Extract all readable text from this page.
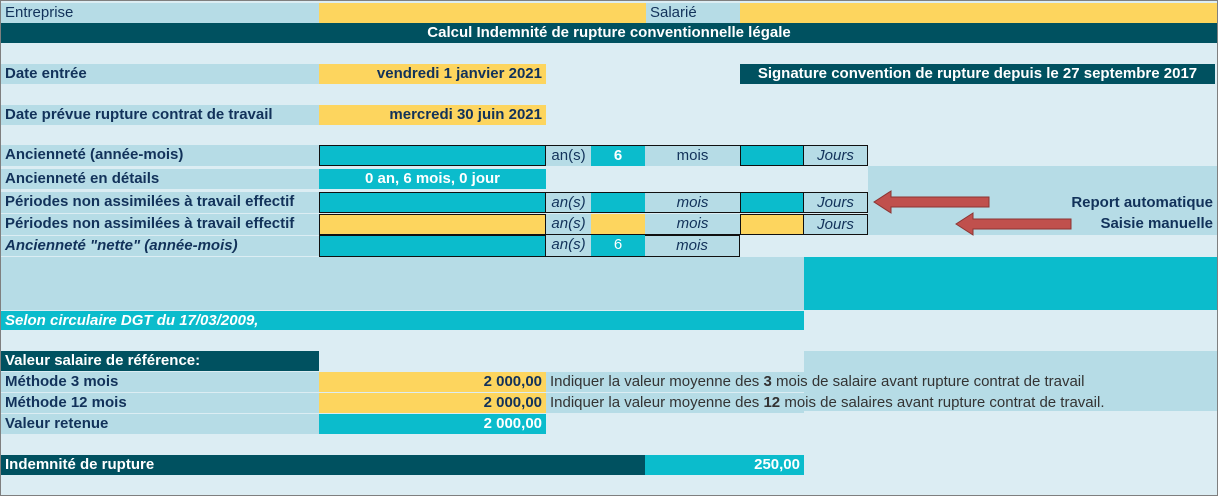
Entreprise	Salarié
Calcul Indemnité de rupture conventionnelle légale
Date entrée	vendredi 1 janvier 2021	Signature convention de rupture depuis le 27 septembre 2017
Date prévue rupture contrat de travail	mercredi 30 juin 2021
Ancienneté (année-mois)	an(s)	6	mois	Jours
Ancienneté en détails	0 an, 6 mois, 0 jour
Périodes non assimilées à travail effectif	an(s)	mois	Jours	Report automatique
Périodes non assimilées à travail effectif	an(s)	mois	Jours	Saisie manuelle
Ancienneté "nette" (année-mois)	an(s)	6	mois
Selon circulaire DGT du 17/03/2009,
Valeur salaire de référence:
Méthode 3 mois	2 000,00 Indiquer la valeur moyenne des 3 mois de salaire avant rupture contrat de travail
Méthode 12 mois	2 000,00 Indiquer la valeur moyenne des 12 mois de salaires avant rupture contrat de travail.
Valeur retenue	2 000,00
Indemnité de rupture	250,00
